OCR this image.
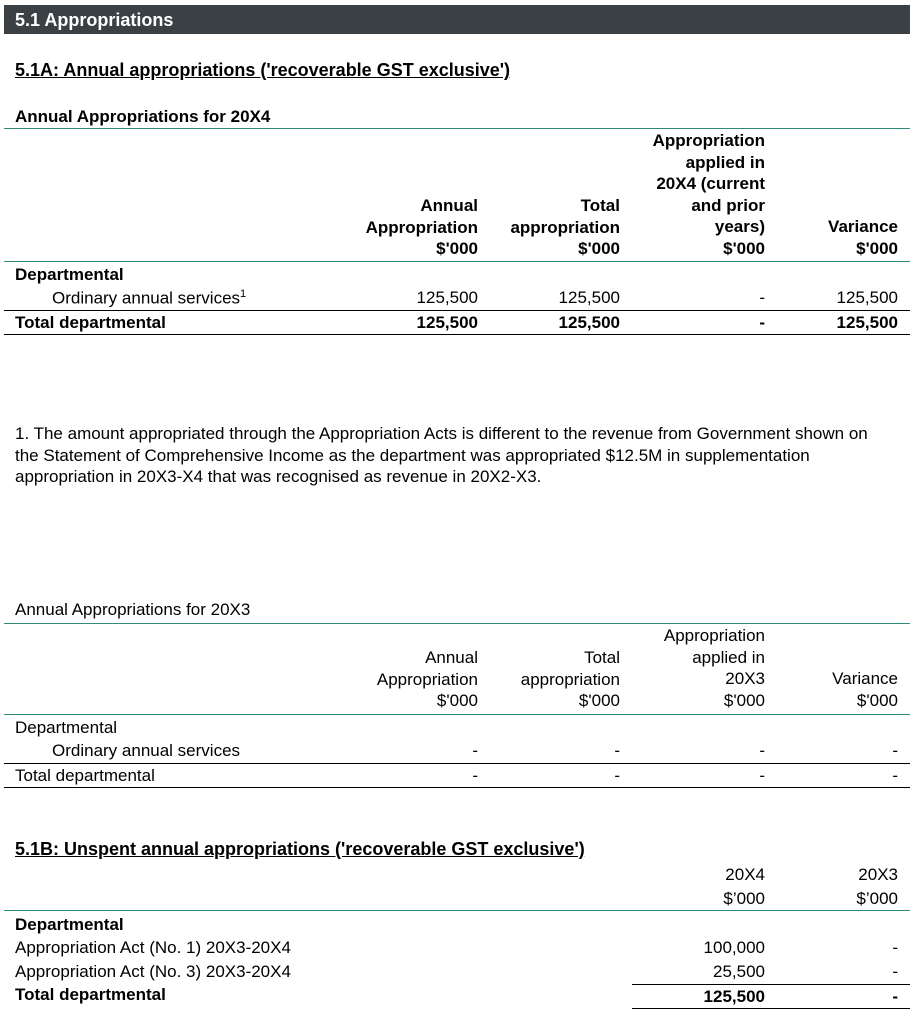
5.1 Appropriations
5.1A: Annual appropriations ('recoverable GST exclusive')
Annual Appropriations for 20X4
Annual
Appropriation
$'000
Total
appropriation
$'000
Appropriation
applied in
20X4 (current
and prior
years)
$'000
Variance
$'000
Departmental
Ordinary annual services$^1$	125,500	125,500	-	125,500
Total departmental	125,500	125,500	-	125,500
1. The amount appropriated through the Appropriation Acts is different to the revenue from Government shown on the Statement of Comprehensive Income as the department was appropriated $12.5M in supplementation appropriation in 20X3-X4 that was recognised as revenue in 20X2-X3.
Annual Appropriations for 20X3
Annual
Appropriation
$'000
Total
appropriation
$'000
Appropriation
applied in
20X3
$'000
Variance
$'000
Departmental
Ordinary annual services	-	-	-	-
Total departmental	-	-	-	-
5.1B: Unspent annual appropriations ('recoverable GST exclusive')
20X4
$’000
20X3
$’000
Departmental
Appropriation Act (No. 1) 20X3-20X4	100,000	-
Appropriation Act (No. 3) 20X3-20X4	25,500	-
Total departmental	125,500	-
